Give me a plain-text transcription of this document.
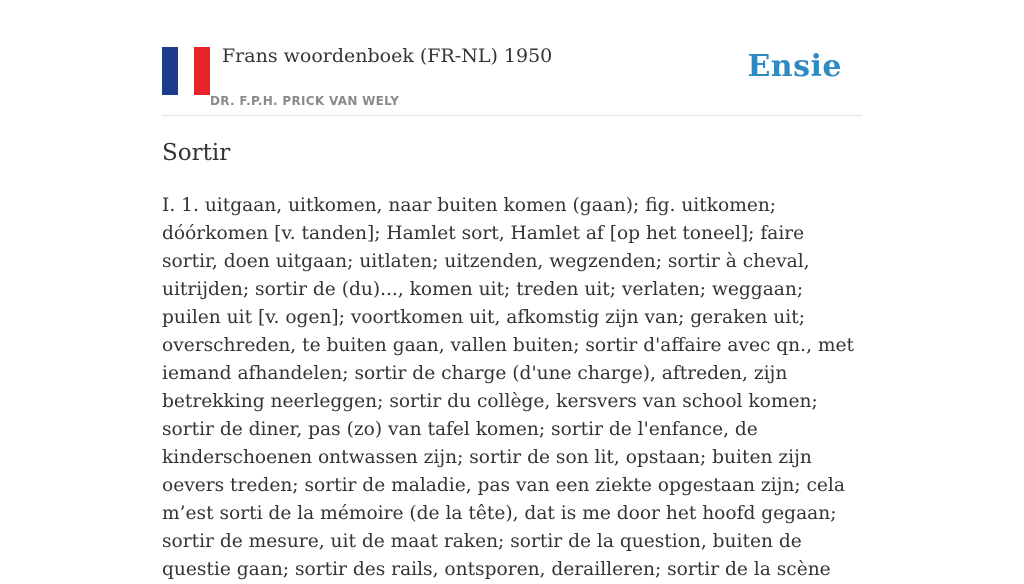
Frans woordenboek (FR-NL) 1950
DR. F.P.H. PRICK VAN WELY
Ensie
Sortir

I. 1. uitgaan, uitkomen, naar buiten komen (gaan); fig. uitkomen; dóórkomen [v. tanden]; Hamlet sort, Hamlet af [op het toneel]; faire sortir, doen uitgaan; uitlaten; uitzenden, wegzenden; sortir à cheval, uitrijden; sortir de (du)..., komen uit; treden uit; verlaten; weggaan; puilen uit [v. ogen]; voortkomen uit, afkomstig zijn van; geraken uit; overschreden, te buiten gaan, vallen buiten; sortir d'affaire avec qn., met iemand afhandelen; sortir de charge (d'une charge), aftreden, zijn betrekking neerleggen; sortir du collège, kersvers van school komen; sortir de diner, pas (zo) van tafel komen; sortir de l'enfance, de kinderschoenen ontwassen zijn; sortir de son lit, opstaan; buiten zijn oevers treden; sortir de maladie, pas van een ziekte opgestaan zijn; cela m’est sorti de la mémoire (de la tête), dat is me door het hoofd gegaan; sortir de mesure, uit de maat raken; sortir de la question, buiten de questie gaan; sortir des rails, ontsporen, derailleren; sortir de la scène
